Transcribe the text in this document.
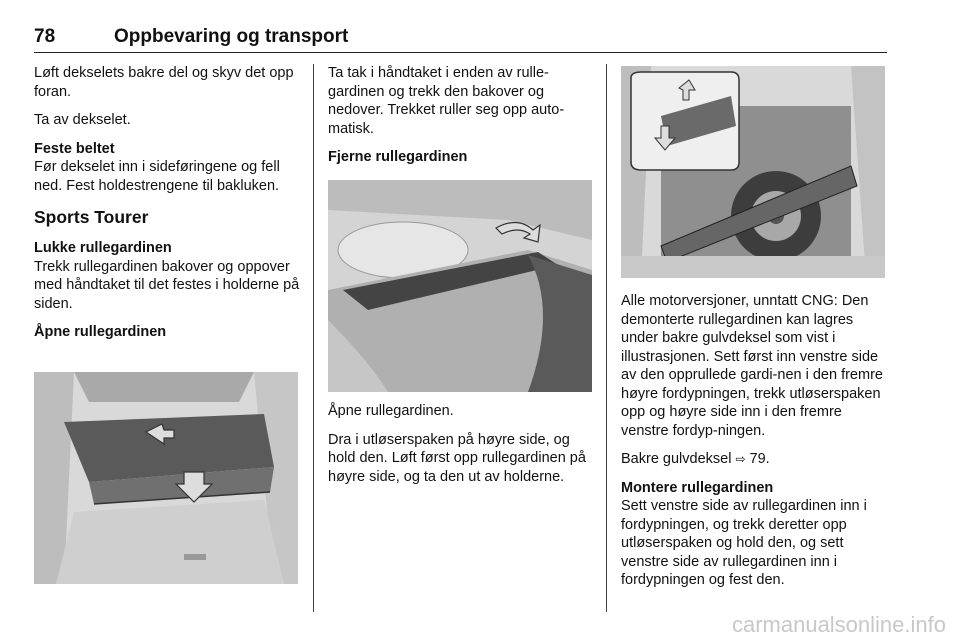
78	Oppbevaring og transport

Løft dekselets bakre del og skyv det opp foran.

Ta av dekselet.

Feste beltet

Før dekselet inn i sideføringene og fell ned. Fest holdestrengene til bakluken.

Sports Tourer
Lukke rullegardinen

Trekk rullegardinen bakover og oppover med håndtaket til det festes i holderne på siden.

Åpne rullegardinen

Ta tak i håndtaket i enden av rulle-gardinen og trekk den bakover og nedover. Trekket ruller seg opp auto-matisk.

Fjerne rullegardinen

Åpne rullegardinen.

Dra i utløserspaken på høyre side, og hold den. Løft først opp rullegardinen på høyre side, og ta den ut av holderne.

Alle motorversjoner, unntatt CNG: Den demonterte rullegardinen kan lagres under bakre gulvdeksel som vist i illustrasjonen. Sett først inn venstre side av den opprullede gardi-nen i den fremre høyre fordypningen, trekk utløserspaken opp og høyre side inn i den fremre venstre fordyp-ningen.

Bakre gulvdeksel ⇨ 79.

Montere rullegardinen

Sett venstre side av rullegardinen inn i fordypningen, og trekk deretter opp utløserspaken og hold den, og sett venstre side av rullegardinen inn i fordypningen og fest den.

carmanualsonline.info
